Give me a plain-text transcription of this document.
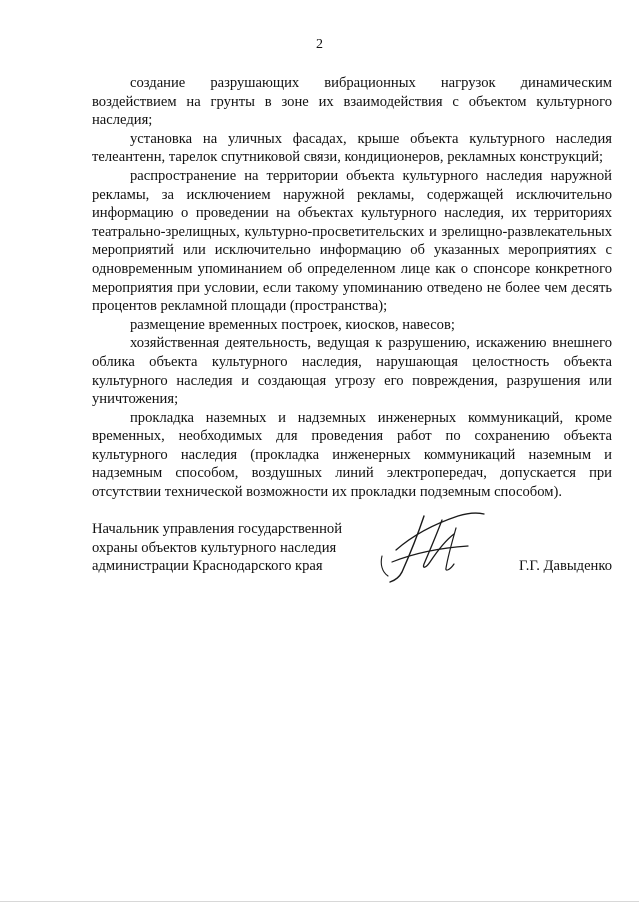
2

создание разрушающих вибрационных нагрузок динамическим воздействием на грунты в зоне их взаимодействия с объектом культурного наследия;

установка на уличных фасадах, крыше объекта культурного наследия телеантенн, тарелок спутниковой связи, кондиционеров, рекламных конструкций;

распространение на территории объекта культурного наследия наружной рекламы, за исключением наружной рекламы, содержащей исключительно информацию о проведении на объектах культурного наследия, их территориях театрально-зрелищных, культурно-просветительских и зрелищно-развлекательных мероприятий или исключительно информацию об указанных мероприятиях с одновременным упоминанием об определенном лице как о спонсоре конкретного мероприятия при условии, если такому упоминанию отведено не более чем десять процентов рекламной площади (пространства);

размещение временных построек, киосков, навесов;

хозяйственная деятельность, ведущая к разрушению, искажению внешнего облика объекта культурного наследия, нарушающая целостность объекта культурного наследия и создающая угрозу его повреждения, разрушения или уничтожения;

прокладка наземных и надземных инженерных коммуникаций, кроме временных, необходимых для проведения работ по сохранению объекта культурного наследия (прокладка инженерных коммуникаций наземным и надземным способом, воздушных линий электропередач, допускается при отсутствии технической возможности их прокладки подземным способом).

Начальник управления государственной
охраны объектов культурного наследия
администрации Краснодарского края	Г.Г. Давыденко
